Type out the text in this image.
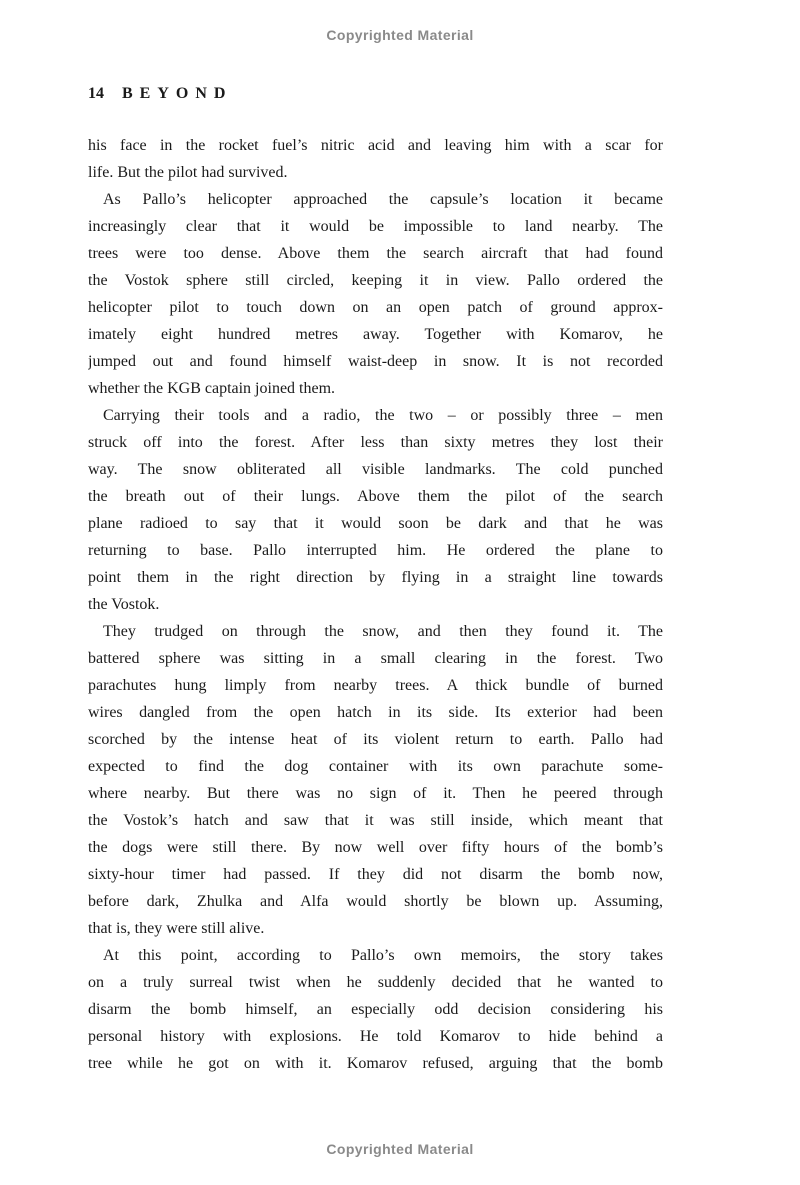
Copyrighted Material
14 BEYOND
his face in the rocket fuel’s nitric acid and leaving him with a scar for
life. But the pilot had survived.
As Pallo’s helicopter approached the capsule’s location it became
increasingly clear that it would be impossible to land nearby. The
trees were too dense. Above them the search aircraft that had found
the Vostok sphere still circled, keeping it in view. Pallo ordered the
helicopter pilot to touch down on an open patch of ground approx-
imately eight hundred metres away. Together with Komarov, he
jumped out and found himself waist-deep in snow. It is not recorded
whether the KGB captain joined them.
Carrying their tools and a radio, the two – or possibly three – men
struck off into the forest. After less than sixty metres they lost their
way. The snow obliterated all visible landmarks. The cold punched
the breath out of their lungs. Above them the pilot of the search
plane radioed to say that it would soon be dark and that he was
returning to base. Pallo interrupted him. He ordered the plane to
point them in the right direction by flying in a straight line towards
the Vostok.
They trudged on through the snow, and then they found it. The
battered sphere was sitting in a small clearing in the forest. Two
parachutes hung limply from nearby trees. A thick bundle of burned
wires dangled from the open hatch in its side. Its exterior had been
scorched by the intense heat of its violent return to earth. Pallo had
expected to find the dog container with its own parachute some-
where nearby. But there was no sign of it. Then he peered through
the Vostok’s hatch and saw that it was still inside, which meant that
the dogs were still there. By now well over fifty hours of the bomb’s
sixty-hour timer had passed. If they did not disarm the bomb now,
before dark, Zhulka and Alfa would shortly be blown up. Assuming,
that is, they were still alive.
At this point, according to Pallo’s own memoirs, the story takes
on a truly surreal twist when he suddenly decided that he wanted to
disarm the bomb himself, an especially odd decision considering his
personal history with explosions. He told Komarov to hide behind a
tree while he got on with it. Komarov refused, arguing that the bomb
Copyrighted Material
